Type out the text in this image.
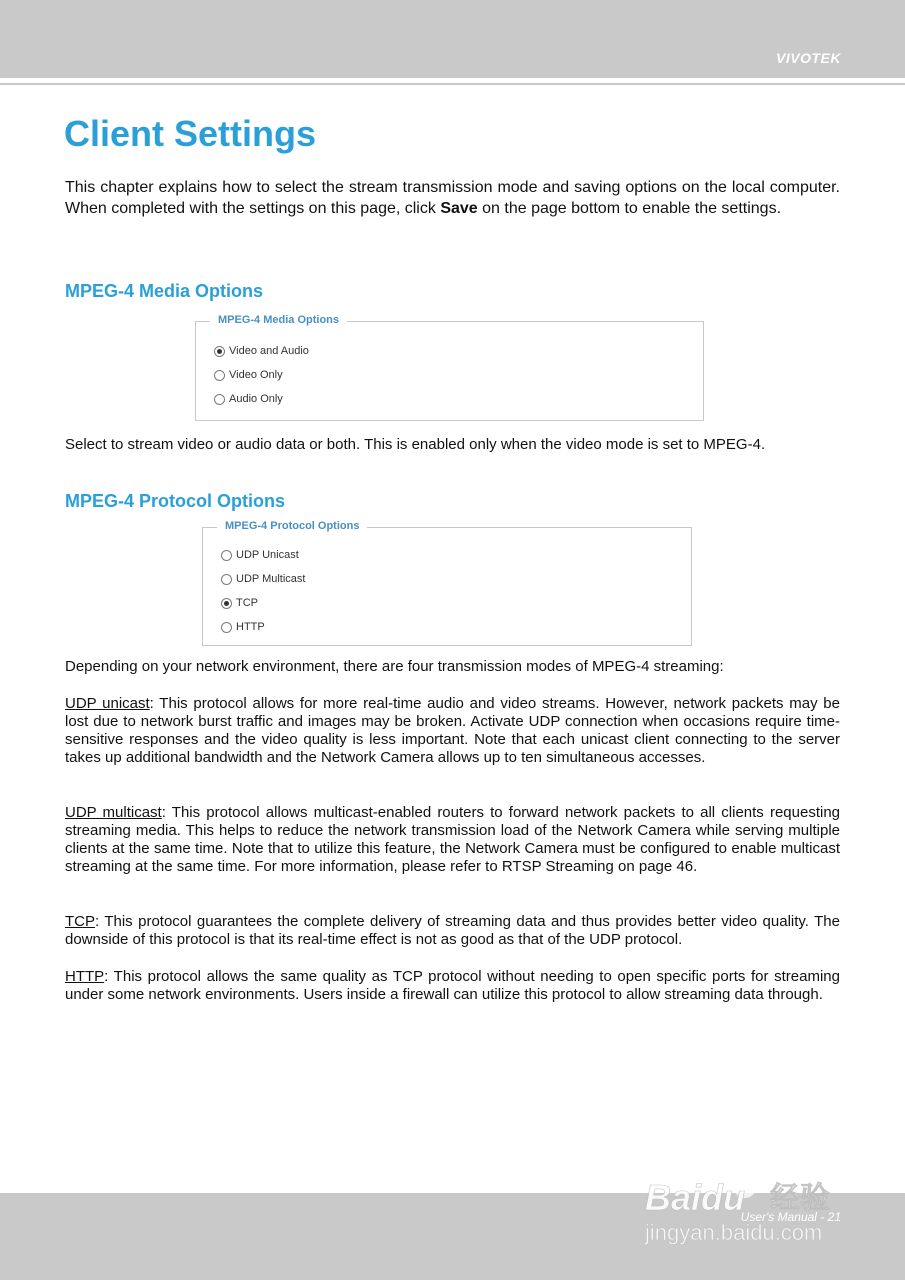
VIVOTEK
Client Settings

This chapter explains how to select the stream transmission mode and saving options on the local computer. When completed with the settings on this page, click Save on the page bottom to enable the settings.

MPEG-4 Media Options
MPEG-4 Media Options
Video and Audio
Video Only
Audio Only

Select to stream video or audio data or both. This is enabled only when the video mode is set to MPEG-4.

MPEG-4 Protocol Options
MPEG-4 Protocol Options
UDP Unicast
UDP Multicast
TCP
HTTP

Depending on your network environment, there are four transmission modes of MPEG-4 streaming:

UDP unicast: This protocol allows for more real-time audio and video streams. However, network packets may be lost due to network burst traffic and images may be broken. Activate UDP connection when occasions require time-sensitive responses and the video quality is less important. Note that each unicast client connecting to the server takes up additional bandwidth and the Network Camera allows up to ten simultaneous accesses.

UDP multicast: This protocol allows multicast-enabled routers to forward network packets to all clients requesting streaming media. This helps to reduce the network transmission load of the Network Camera while serving multiple clients at the same time. Note that to utilize this feature, the Network Camera must be configured to enable multicast streaming at the same time. For more information, please refer to RTSP Streaming on page 46.

TCP: This protocol guarantees the complete delivery of streaming data and thus provides better video quality. The downside of this protocol is that its real-time effect is not as good as that of the UDP protocol.

HTTP: This protocol allows the same quality as TCP protocol without needing to open specific ports for streaming under some network environments. Users inside a firewall can utilize this protocol to allow streaming data through.

User's Manual - 21
Baidu 经验
jingyan.baidu.com
